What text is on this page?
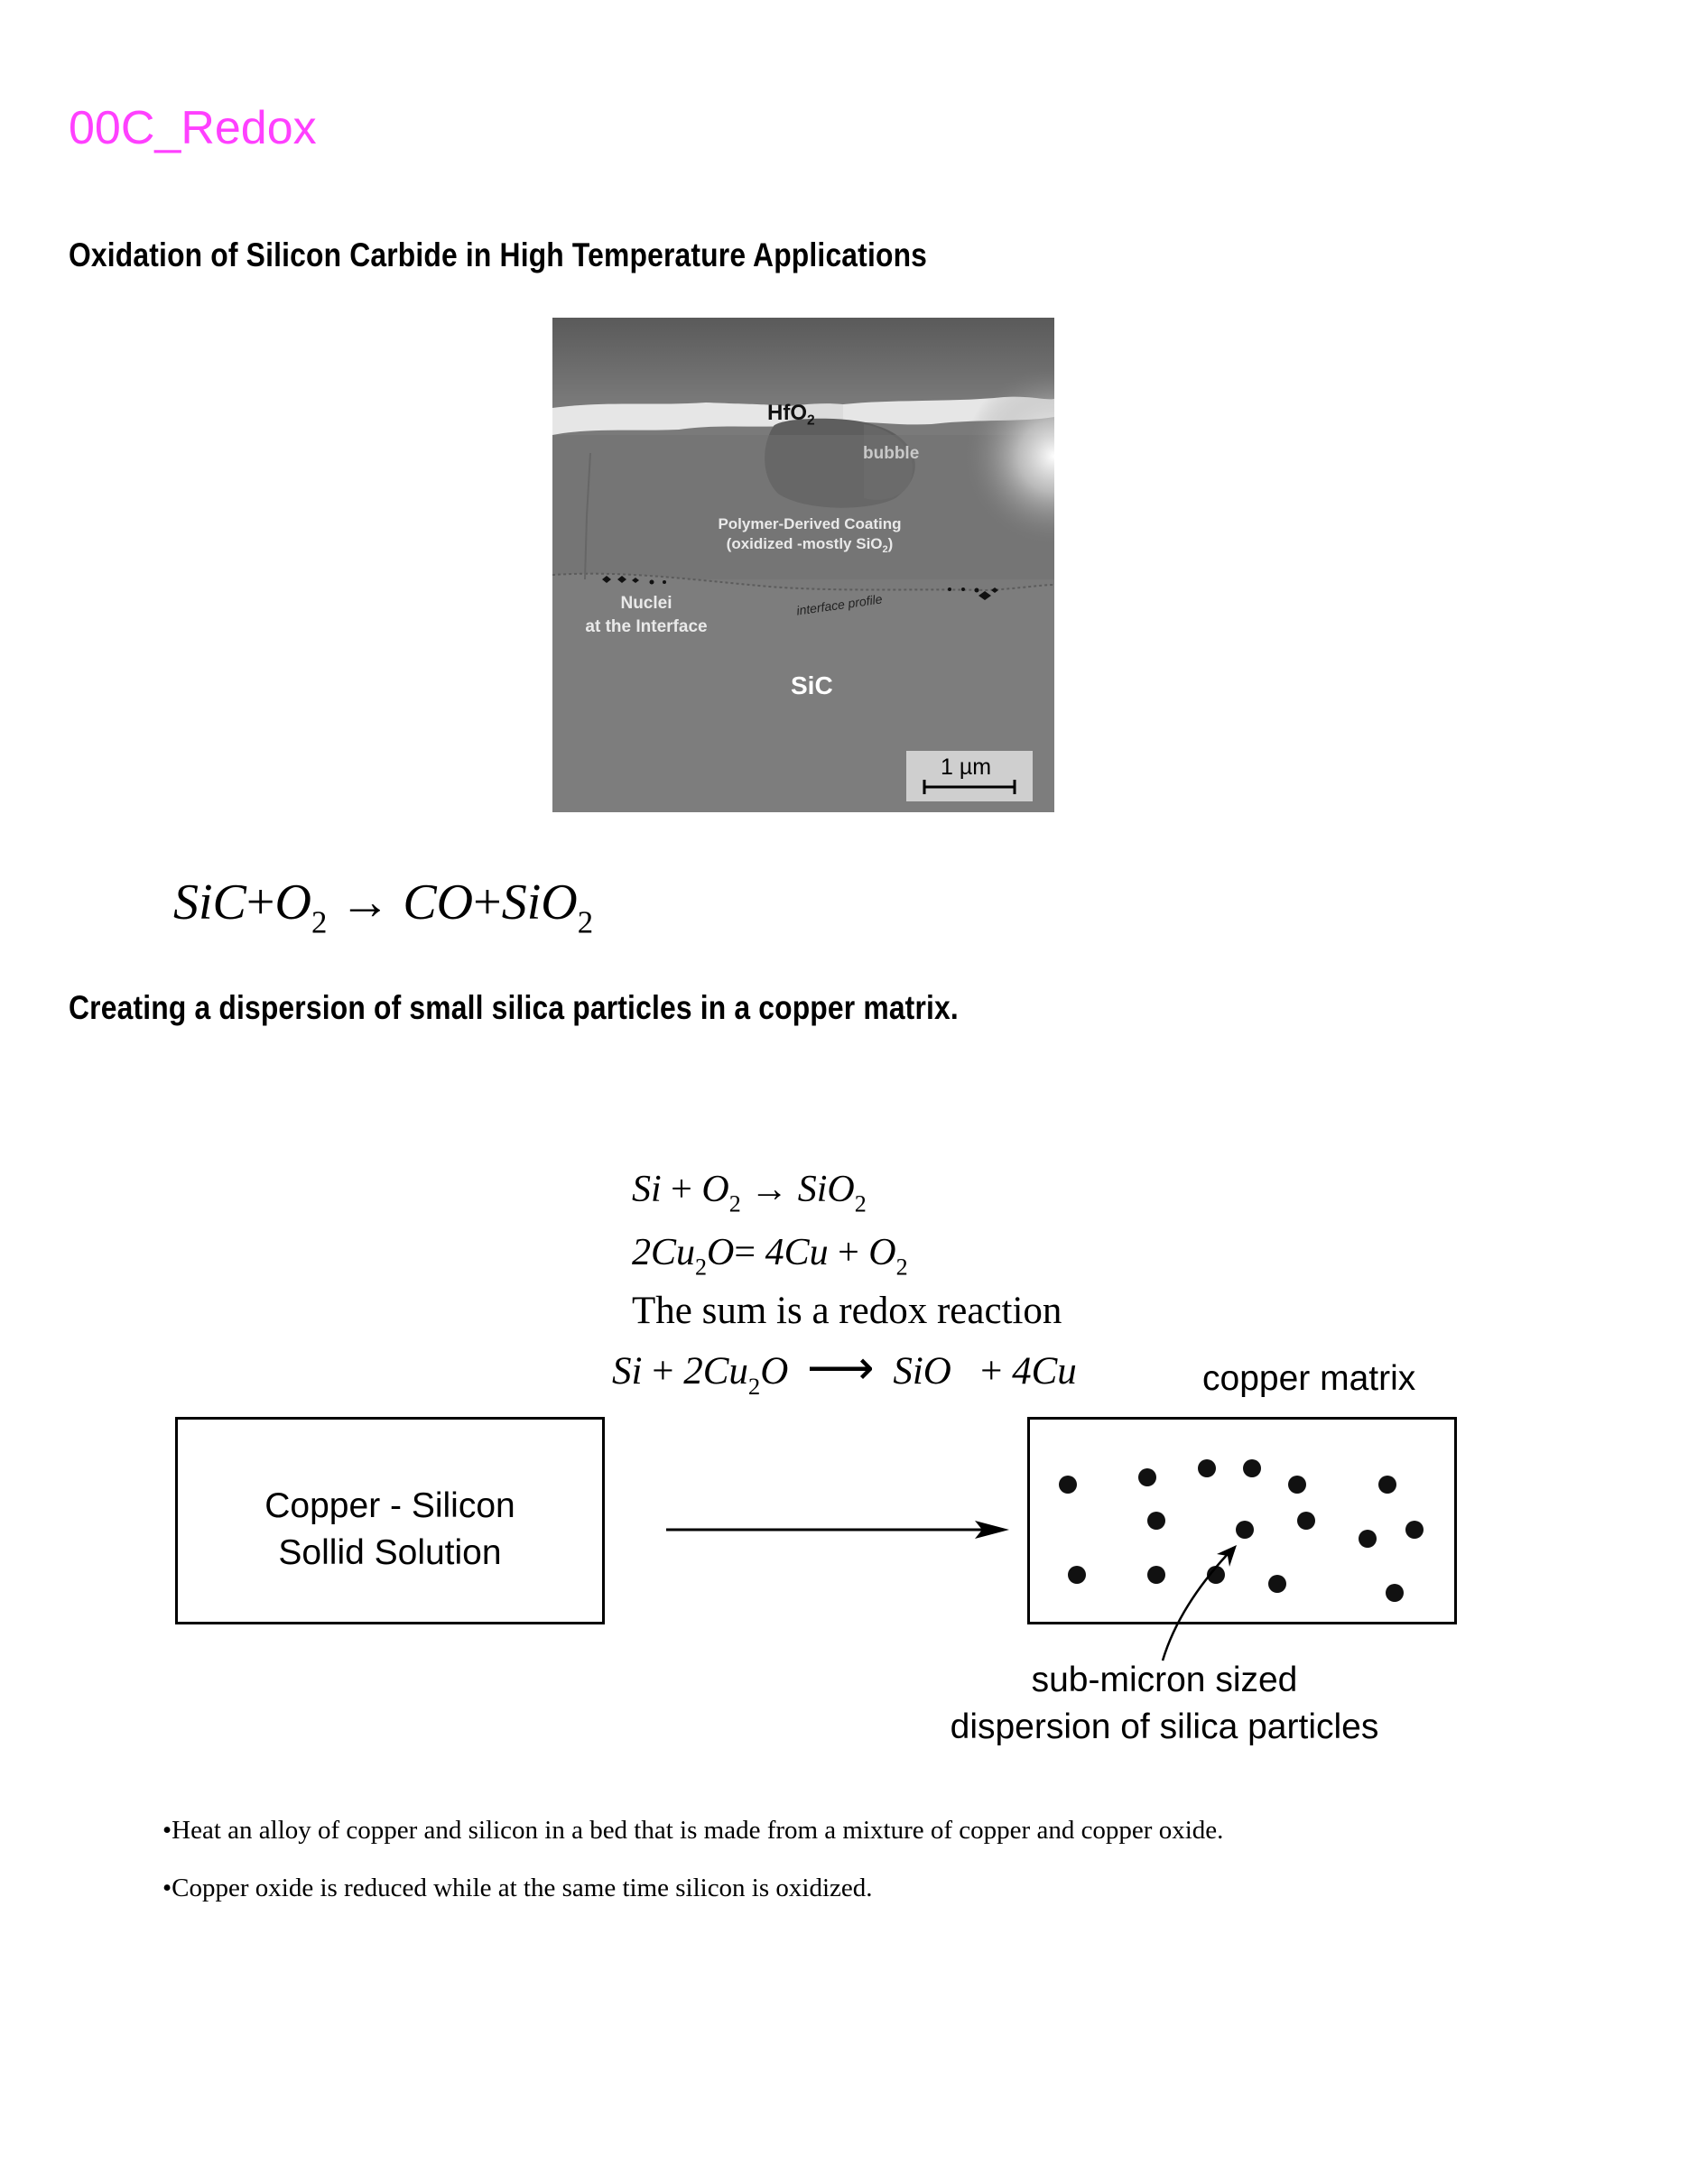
00C_Redox
Oxidation of Silicon Carbide in High Temperature Applications
HfO$_2$
bubble
Polymer-Derived Coating
(oxidized -mostly SiO$_2$)
Nuclei
at the Interface
interface profile
SiC
1 µm
$SiC+O_2 \to CO+SiO_2$
Creating a dispersion of small silica particles in a copper matrix.
$Si + O_2 \to SiO_2$
$2Cu_2O= 4Cu + O_2$
The sum is a redox reaction
$Si + 2Cu_2O$ ⟶ SiO + 4Cu	copper matrix
Copper - Silicon
Sollid Solution
sub-micron sized
dispersion of silica particles
•Heat an alloy of copper and silicon in a bed that is made from a mixture of copper and copper oxide.
•Copper oxide is reduced while at the same time silicon is oxidized.
